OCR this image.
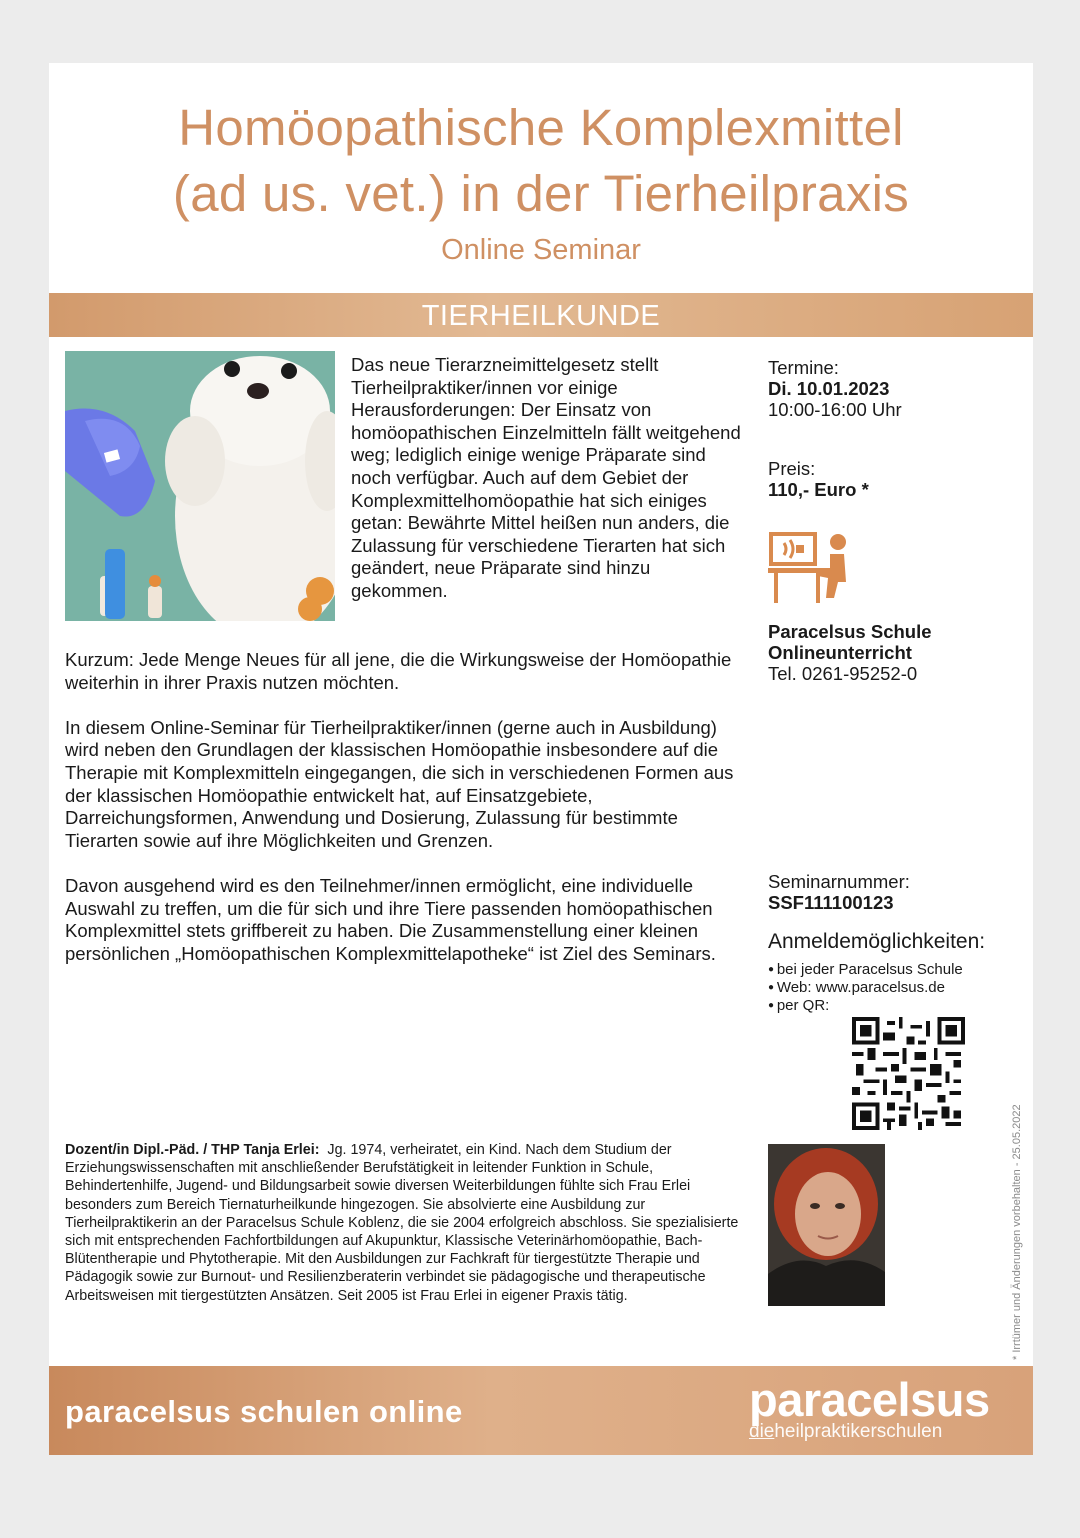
Homöopathische Komplexmittel
(ad us. vet.) in der Tierheilpraxis
Online Seminar
TIERHEILKUNDE
Das neue Tierarzneimittelgesetz stellt Tierheilpraktiker/innen vor einige Herausforderungen: Der Einsatz von homöopathischen Einzelmitteln fällt weitgehend weg; lediglich einige wenige Präparate sind noch verfügbar. Auch auf dem Gebiet der Komplexmittelhomöopathie hat sich einiges getan: Bewährte Mittel heißen nun anders, die Zulassung für verschiedene Tierarten hat sich geändert, neue Präparate sind hinzu gekommen.

Kurzum: Jede Menge Neues für all jene, die die Wirkungsweise der Homöopathie weiterhin in ihrer Praxis nutzen möchten.

In diesem Online-Seminar für Tierheilpraktiker/innen (gerne auch in Ausbildung) wird neben den Grundlagen der klassischen Homöopathie insbesondere auf die Therapie mit Komplexmitteln eingegangen, die sich in verschiedenen Formen aus der klassischen Homöopathie entwickelt hat, auf Einsatzgebiete, Darreichungsformen, Anwendung und Dosierung, Zulassung für bestimmte Tierarten sowie auf ihre Möglichkeiten und Grenzen.

Davon ausgehend wird es den Teilnehmer/innen ermöglicht, eine individuelle Auswahl zu treffen, um die für sich und ihre Tiere passenden homöopathischen Komplexmittel stets griffbereit zu haben. Die Zusammenstellung einer kleinen persönlichen „Homöopathischen Komplexmittelapotheke“ ist Ziel des Seminars.

Termine:
Di. 10.01.2023
10:00-16:00 Uhr
Preis:
110,- Euro *
Paracelsus Schule
Onlineunterricht
Tel. 0261-95252-0
Seminarnummer:
SSF111100123
Anmeldemöglichkeiten:
● bei jeder Paracelsus Schule
● Web: www.paracelsus.de
● per QR:
Dozent/in Dipl.-Päd. / THP Tanja Erlei: Jg. 1974, verheiratet, ein Kind. Nach dem Studium der Erziehungswissenschaften mit anschließender Berufstätigkeit in leitender Funktion in Schule, Behindertenhilfe, Jugend- und Bildungsarbeit sowie diversen Weiterbildungen fühlte sich Frau Erlei besonders zum Bereich Tiernaturheilkunde hingezogen. Sie absolvierte eine Ausbildung zur Tierheilpraktikerin an der Paracelsus Schule Koblenz, die sie 2004 erfolgreich abschloss. Sie spezialisierte sich mit entsprechenden Fachfortbildungen auf Akupunktur, Klassische Veterinärhomöopathie, Bach-Blütentherapie und Phytotherapie. Mit den Ausbildungen zur Fachkraft für tiergestützte Therapie und Pädagogik sowie zur Burnout- und Resilienzberaterin verbindet sie pädagogische und therapeutische Arbeitsweisen mit tiergestützten Ansätzen. Seit 2005 ist Frau Erlei in eigener Praxis tätig.
paracelsus schulen online	paracelsus
dieheilpraktikerschulen
* Irrtümer und Änderungen vorbehalten - 25.05.2022
